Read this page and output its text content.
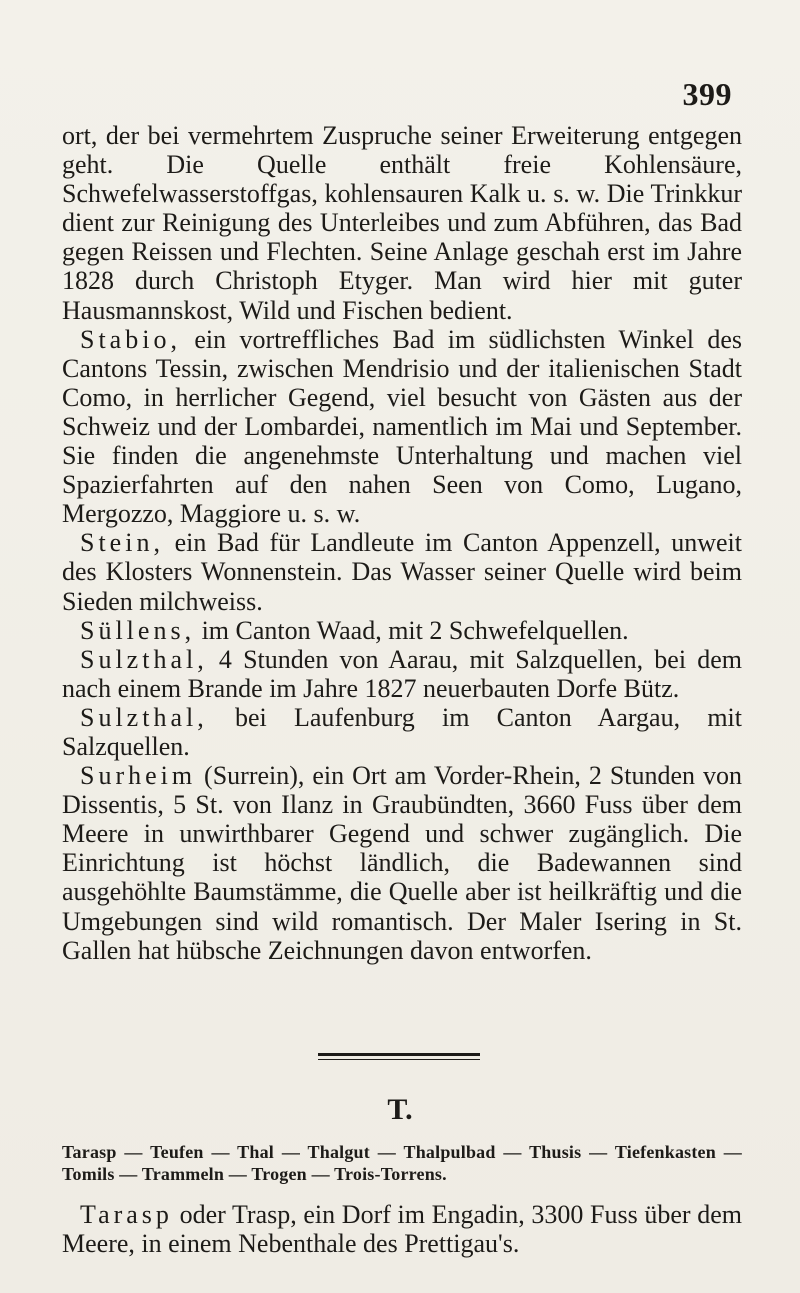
399

ort, der bei vermehrtem Zuspruche seiner Erweiterung entgegen geht. Die Quelle enthält freie Kohlensäure, Schwefelwasserstoffgas, kohlensauren Kalk u. s. w. Die Trinkkur dient zur Reinigung des Unterleibes und zum Abführen, das Bad gegen Reissen und Flechten. Seine Anlage geschah erst im Jahre 1828 durch Christoph Etyger. Man wird hier mit guter Hausmannskost, Wild und Fischen bedient.

Stabio, ein vortreffliches Bad im südlichsten Winkel des Cantons Tessin, zwischen Mendrisio und der italienischen Stadt Como, in herrlicher Gegend, viel besucht von Gästen aus der Schweiz und der Lombardei, namentlich im Mai und September. Sie finden die angenehmste Unterhaltung und machen viel Spazierfahrten auf den nahen Seen von Como, Lugano, Mergozzo, Maggiore u. s. w.

Stein, ein Bad für Landleute im Canton Appenzell, unweit des Klosters Wonnenstein. Das Wasser seiner Quelle wird beim Sieden milchweiss.

Süllens, im Canton Waad, mit 2 Schwefelquellen.

Sulzthal, 4 Stunden von Aarau, mit Salzquellen, bei dem nach einem Brande im Jahre 1827 neuerbauten Dorfe Bütz.

Sulzthal, bei Laufenburg im Canton Aargau, mit Salzquellen.

Surheim (Surrein), ein Ort am Vorder-Rhein, 2 Stunden von Dissentis, 5 St. von Ilanz in Graubündten, 3660 Fuss über dem Meere in unwirthbarer Gegend und schwer zugänglich. Die Einrichtung ist höchst ländlich, die Badewannen sind ausgehöhlte Baumstämme, die Quelle aber ist heilkräftig und die Umgebungen sind wild romantisch. Der Maler Isering in St. Gallen hat hübsche Zeichnungen davon entworfen.

T.
Tarasp — Teufen — Thal — Thalgut — Thalpulbad — Thusis — Tiefenkasten — Tomils — Trammeln — Trogen — Trois-Torrens.

Tarasp oder Trasp, ein Dorf im Engadin, 3300 Fuss über dem Meere, in einem Nebenthale des Prettigau's.
